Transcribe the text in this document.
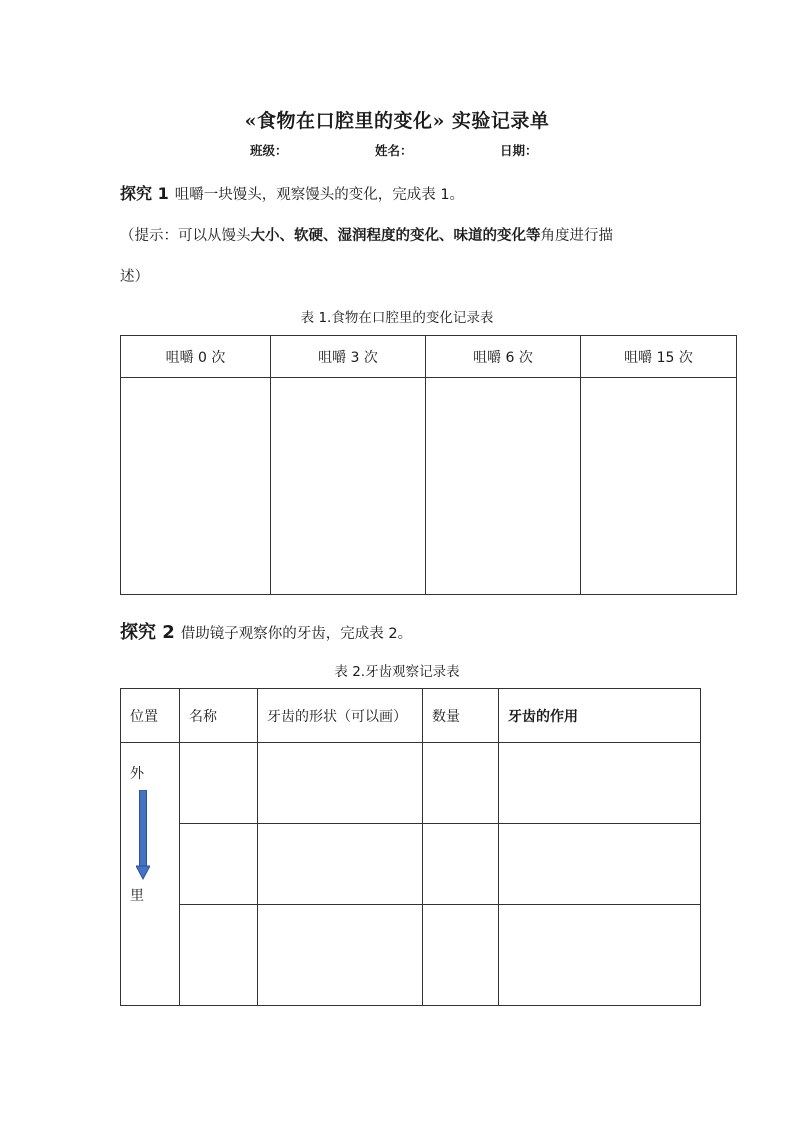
«食物在口腔里的变化» 实验记录单
班级：	姓名：	日期：
探究 1 咀嚼一块馒头，观察馒头的变化，完成表 1。
（提示：可以从馒头大小、软硬、湿润程度的变化、味道的变化等角度进行描
述）
表 1.食物在口腔里的变化记录表
咀嚼 0 次	咀嚼 3 次	咀嚼 6 次	咀嚼 15 次

探究 2 借助镜子观察你的牙齿，完成表 2。
表 2.牙齿观察记录表
位置	名称	牙齿的形状（可以画）	数量	牙齿的作用

外
里				
